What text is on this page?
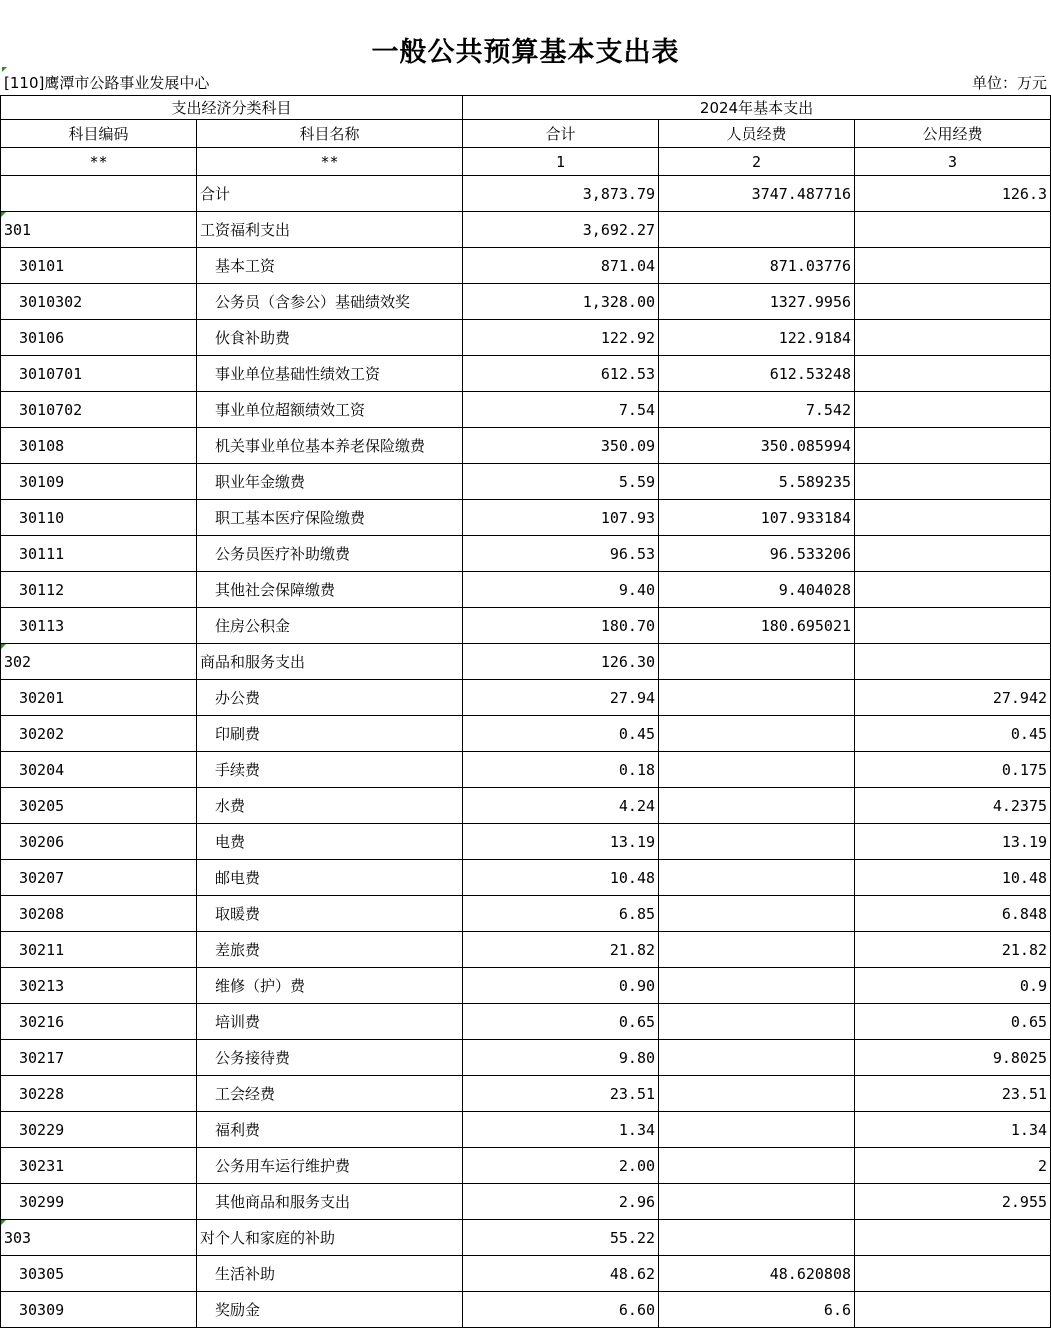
一般公共预算基本支出表
[110]鹰潭市公路事业发展中心	单位：万元
支出经济分类科目		2024年基本支出		
科目编码	科目名称	合计	人员经费	公用经费
**	**	1	2	3
	合计	3,873.79	3747.487716	126.3

301	工资福利支出	3,692.27		
30101	基本工资	871.04	871.03776	
3010302	公务员（含参公）基础绩效奖	1,328.00	1327.9956	
30106	伙食补助费	122.92	122.9184	
3010701	事业单位基础性绩效工资	612.53	612.53248	
3010702	事业单位超额绩效工资	7.54	7.542	
30108	机关事业单位基本养老保险缴费	350.09	350.085994	
30109	职业年金缴费	5.59	5.589235	
30110	职工基本医疗保险缴费	107.93	107.933184	
30111	公务员医疗补助缴费	96.53	96.533206	
30112	其他社会保障缴费	9.40	9.404028	
30113	住房公积金	180.70	180.695021	

302	商品和服务支出	126.30		
30201	办公费	27.94		27.942
30202	印刷费	0.45		0.45
30204	手续费	0.18		0.175
30205	水费	4.24		4.2375
30206	电费	13.19		13.19
30207	邮电费	10.48		10.48
30208	取暖费	6.85		6.848
30211	差旅费	21.82		21.82
30213	维修（护）费	0.90		0.9
30216	培训费	0.65		0.65
30217	公务接待费	9.80		9.8025
30228	工会经费	23.51		23.51
30229	福利费	1.34		1.34
30231	公务用车运行维护费	2.00		2
30299	其他商品和服务支出	2.96		2.955

303	对个人和家庭的补助	55.22		
30305	生活补助	48.62	48.620808	
30309	奖励金	6.60	6.6	
